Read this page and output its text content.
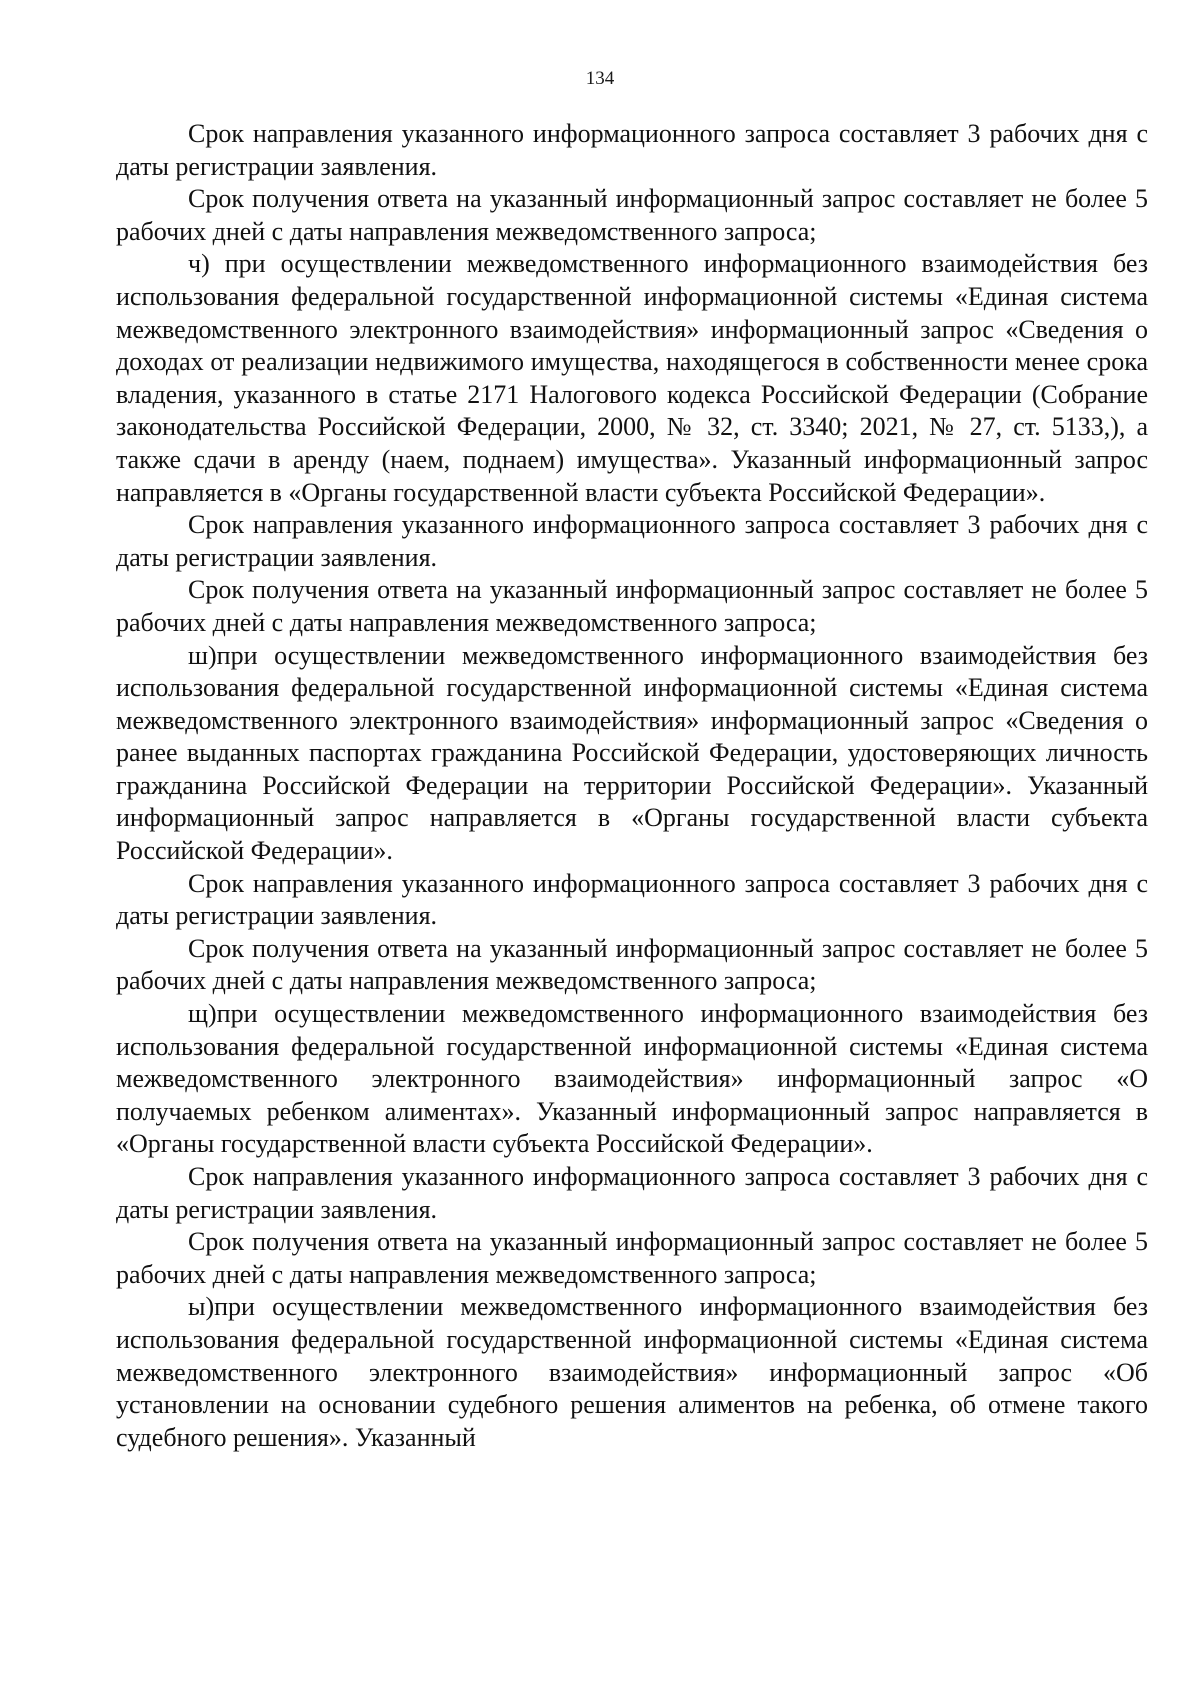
134

Срок направления указанного информационного запроса составляет 3 рабочих дня с даты регистрации заявления.

Срок получения ответа на указанный информационный запрос составляет не более 5 рабочих дней с даты направления межведомственного запроса;

ч) при осуществлении межведомственного информационного взаимодействия без использования федеральной государственной информационной системы «Единая система межведомственного электронного взаимодействия» информационный запрос «Сведения о доходах от реализации недвижимого имущества, находящегося в собственности менее срока владения, указанного в статье 2171 Налогового кодекса Российской Федерации (Собрание законодательства Российской Федерации, 2000, № 32, ст. 3340; 2021, № 27, ст. 5133,), а также сдачи в аренду (наем, поднаем) имущества». Указанный информационный запрос направляется в «Органы государственной власти субъекта Российской Федерации».

Срок направления указанного информационного запроса составляет 3 рабочих дня с даты регистрации заявления.

Срок получения ответа на указанный информационный запрос составляет не более 5 рабочих дней с даты направления межведомственного запроса;

ш)при осуществлении межведомственного информационного взаимодействия без использования федеральной государственной информационной системы «Единая система межведомственного электронного взаимодействия» информационный запрос «Сведения о ранее выданных паспортах гражданина Российской Федерации, удостоверяющих личность гражданина Российской Федерации на территории Российской Федерации». Указанный информационный запрос направляется в «Органы государственной власти субъекта Российской Федерации».

Срок направления указанного информационного запроса составляет 3 рабочих дня с даты регистрации заявления.

Срок получения ответа на указанный информационный запрос составляет не более 5 рабочих дней с даты направления межведомственного запроса;

щ)при осуществлении межведомственного информационного взаимодействия без использования федеральной государственной информационной системы «Единая система межведомственного электронного взаимодействия» информационный запрос «О получаемых ребенком алиментах». Указанный информационный запрос направляется в «Органы государственной власти субъекта Российской Федерации».

Срок направления указанного информационного запроса составляет 3 рабочих дня с даты регистрации заявления.

Срок получения ответа на указанный информационный запрос составляет не более 5 рабочих дней с даты направления межведомственного запроса;

ы)при осуществлении межведомственного информационного взаимодействия без использования федеральной государственной информационной системы «Единая система межведомственного электронного взаимодействия» информационный запрос «Об установлении на основании судебного решения алиментов на ребенка, об отмене такого судебного решения». Указанный
